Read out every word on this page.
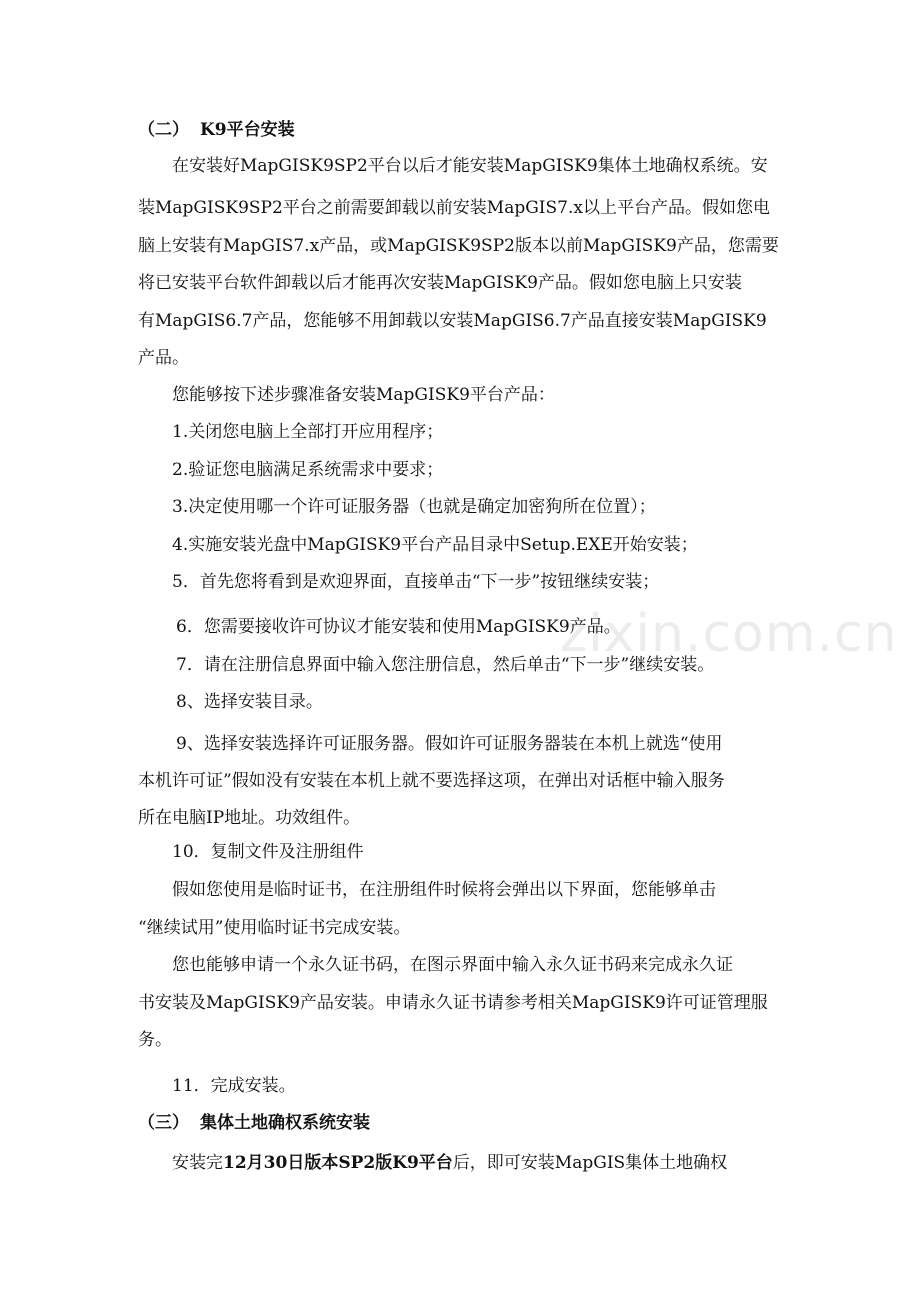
zixin.com.cn
（二） K9平台安装
在安装好MapGISK9SP2平台以后才能安装MapGISK9集体土地确权系统。安
装MapGISK9SP2平台之前需要卸载以前安装MapGIS7.x以上平台产品。假如您电
脑上安装有MapGIS7.x产品，或MapGISK9SP2版本以前MapGISK9产品，您需要
将已安装平台软件卸载以后才能再次安装MapGISK9产品。假如您电脑上只安装
有MapGIS6.7产品，您能够不用卸载以安装MapGIS6.7产品直接安装MapGISK9
产品。
您能够按下述步骤准备安装MapGISK9平台产品：
1.关闭您电脑上全部打开应用程序；
2.验证您电脑满足系统需求中要求；
3.决定使用哪一个许可证服务器（也就是确定加密狗所在位置）；
4.实施安装光盘中MapGISK9平台产品目录中Setup.EXE开始安装；
5．首先您将看到是欢迎界面，直接单击“下一步”按钮继续安装；
6．您需要接收许可协议才能安装和使用MapGISK9产品。
7．请在注册信息界面中输入您注册信息，然后单击“下一步”继续安装。
8、选择安装目录。
9、选择安装选择许可证服务器。假如许可证服务器装在本机上就选“使用
本机许可证”假如没有安装在本机上就不要选择这项，在弹出对话框中输入服务
所在电脑IP地址。功效组件。
10．复制文件及注册组件
假如您使用是临时证书，在注册组件时候将会弹出以下界面，您能够单击
“继续试用”使用临时证书完成安装。
您也能够申请一个永久证书码，在图示界面中输入永久证书码来完成永久证
书安装及MapGISK9产品安装。申请永久证书请参考相关MapGISK9许可证管理服
务。
11．完成安装。
（三） 集体土地确权系统安装
安装完12月30日版本SP2版K9平台后，即可安装MapGIS集体土地确权
